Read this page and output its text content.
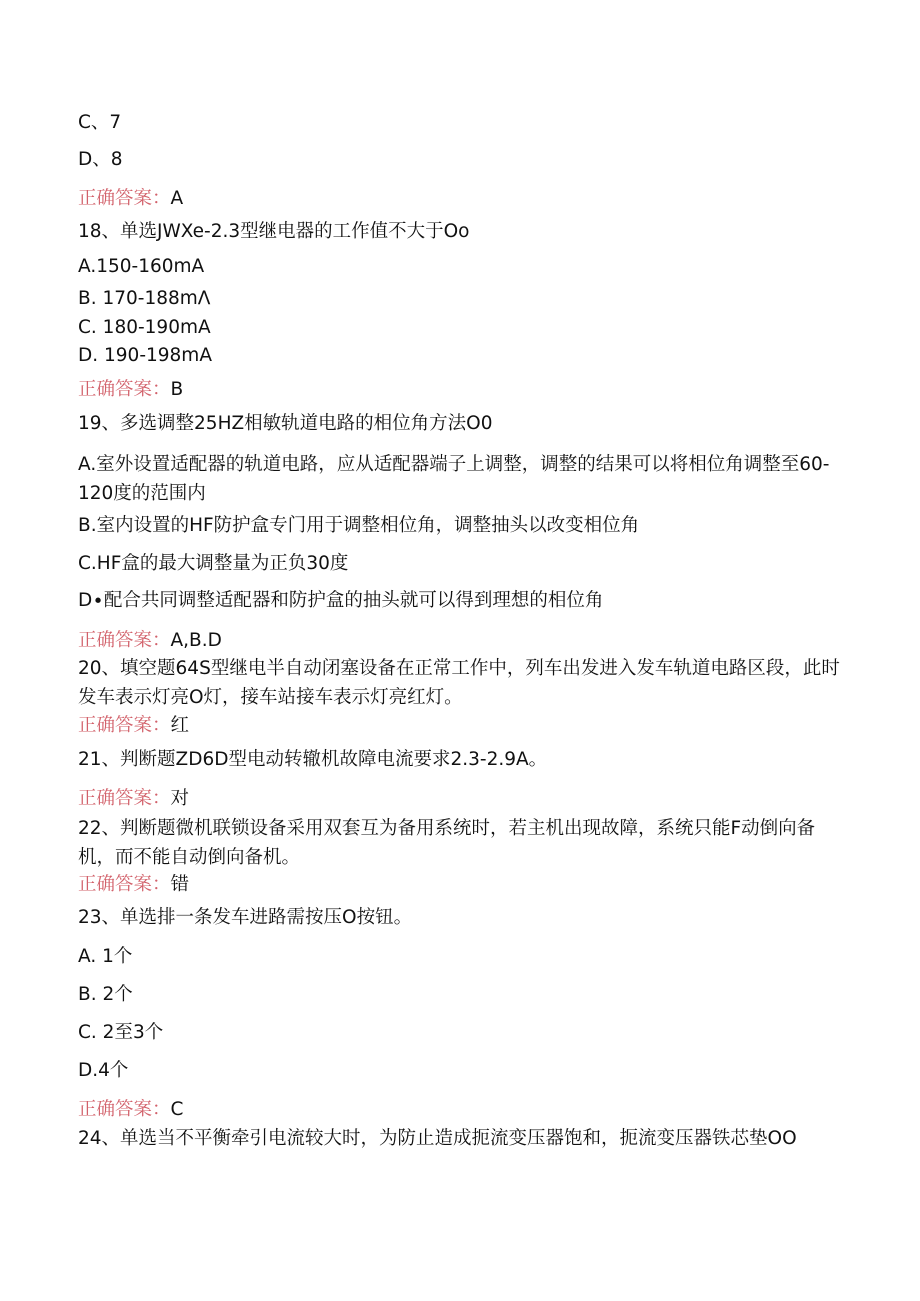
C、7
D、8
正确答案：A
18、单选JWXe-2.3型继电器的工作值不大于Oo
A.150-160mA
B. 170-188mΛ
C. 180-190mA
D. 190-198mA
正确答案：B
19、多选调整25HZ相敏轨道电路的相位角方法O0
A.室外设置适配器的轨道电路，应从适配器端子上调整，调整的结果可以将相位角调整至60-120度的范围内
B.室内设置的HF防护盒专门用于调整相位角，调整抽头以改变相位角
C.HF盒的最大调整量为正负30度
D∙配合共同调整适配器和防护盒的抽头就可以得到理想的相位角
正确答案：A,B.D
20、填空题64S型继电半自动闭塞设备在正常工作中，列车出发进入发车轨道电路区段，此时发车表示灯亮O灯，接车站接车表示灯亮红灯。
正确答案：红
21、判断题ZD6D型电动转辙机故障电流要求2.3-2.9A。
正确答案：对
22、判断题微机联锁设备采用双套互为备用系统时，若主机出现故障，系统只能F动倒向备机，而不能自动倒向备机。
正确答案：错
23、单选排一条发车进路需按压O按钮。
A. 1个
B. 2个
C. 2至3个
D.4个
正确答案：C
24、单选当不平衡牵引电流较大时，为防止造成扼流变压器饱和，扼流变压器铁芯垫OO
